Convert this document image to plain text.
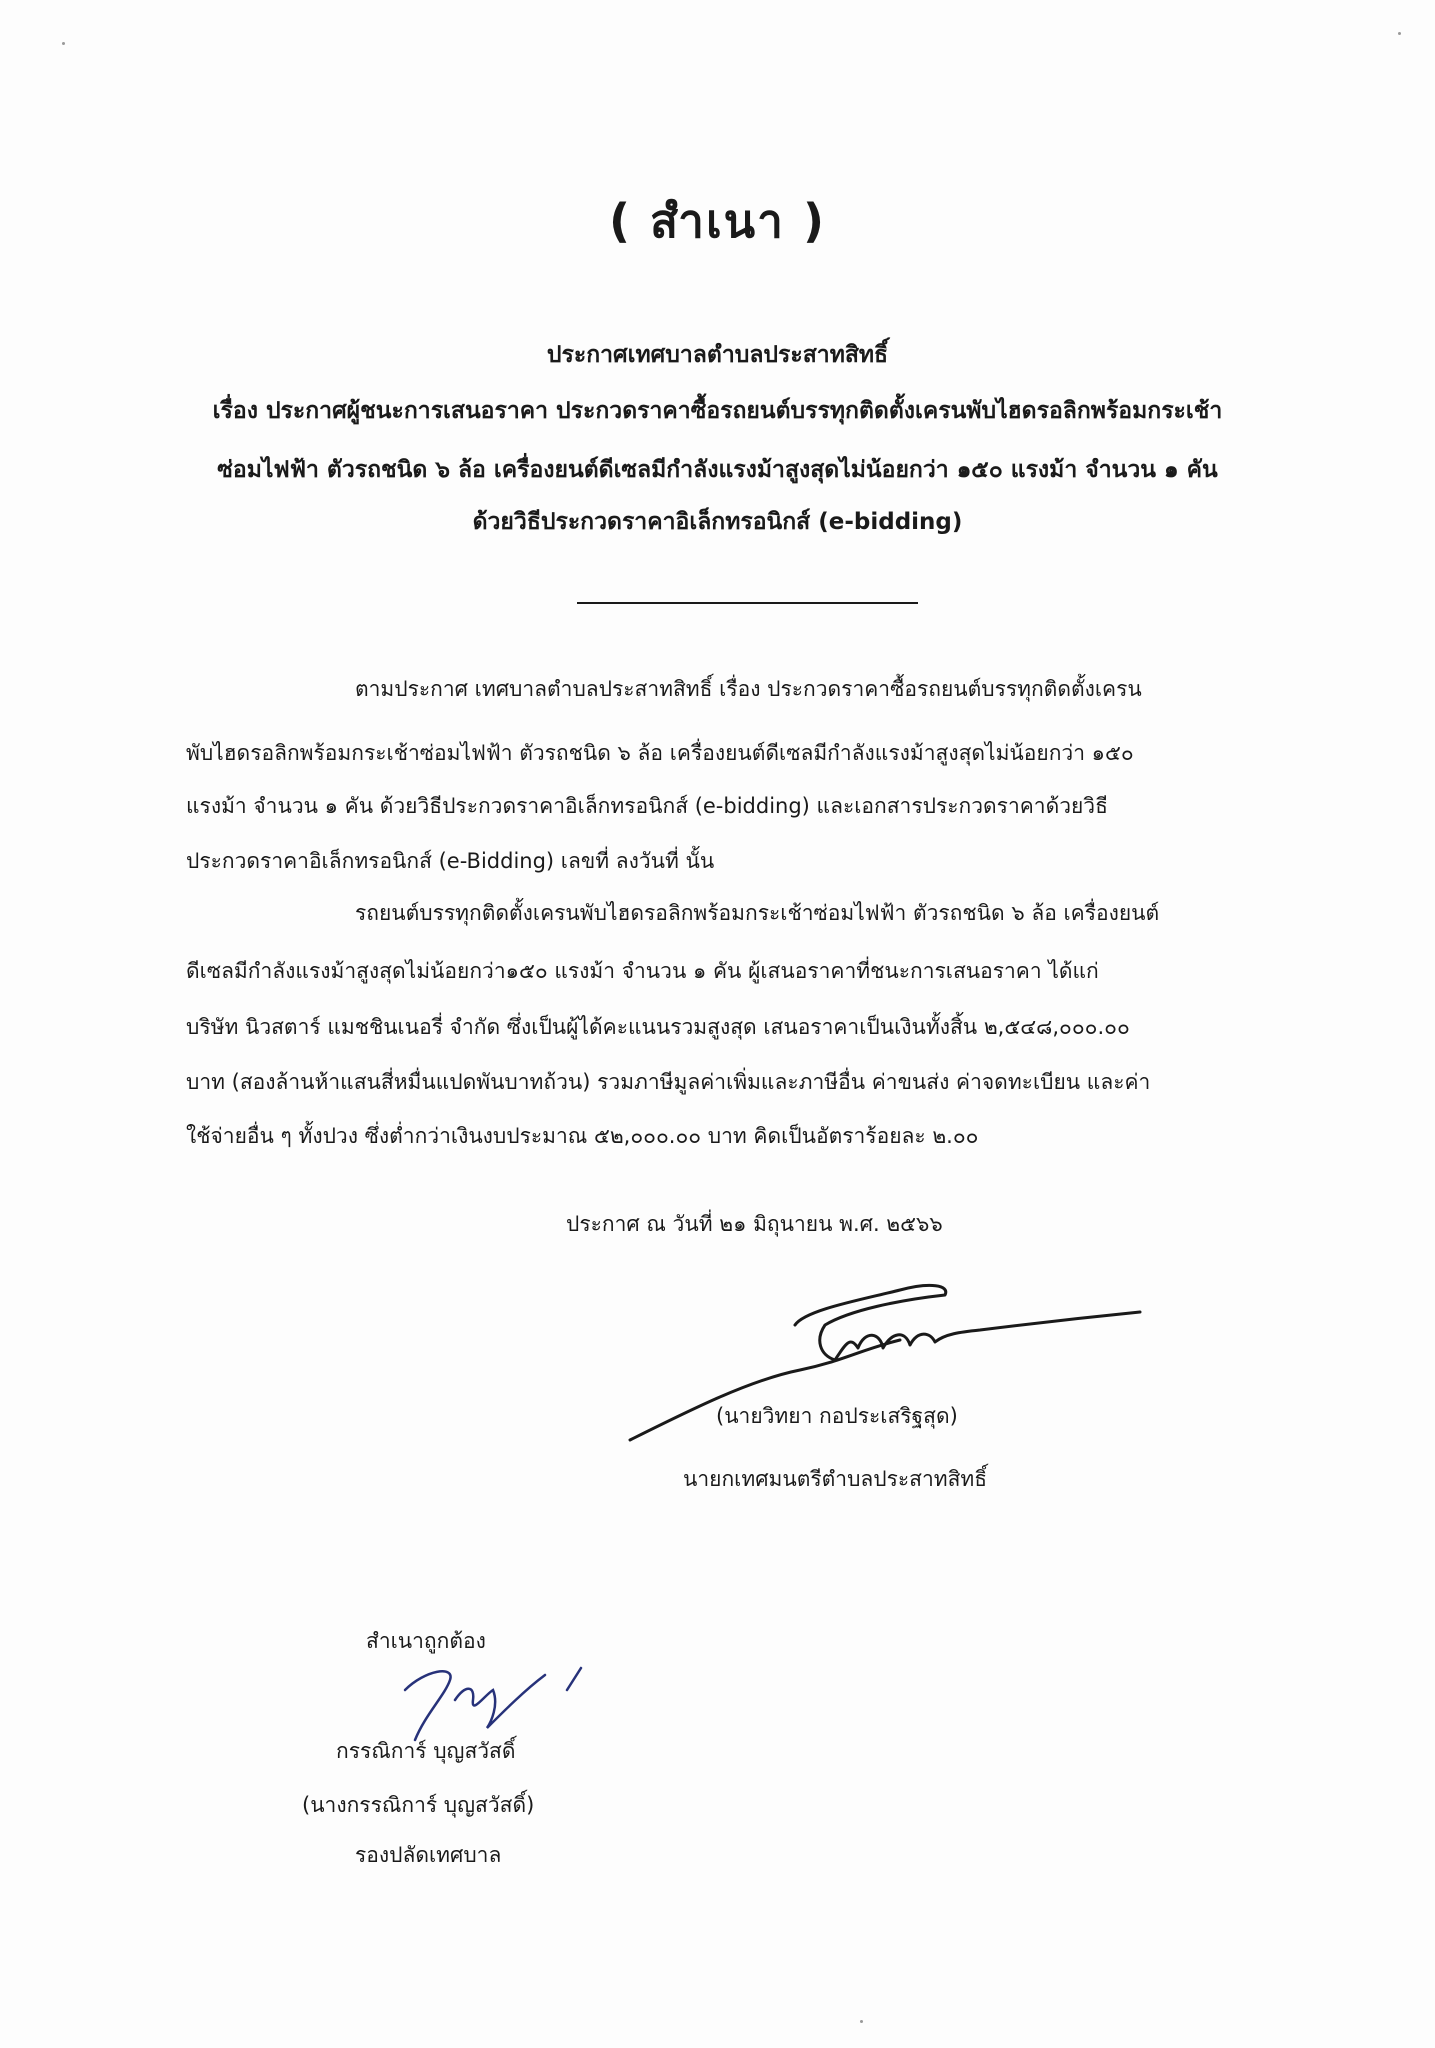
( สำเนา )
ประกาศเทศบาลตำบลประสาทสิทธิ์
เรื่อง ประกาศผู้ชนะการเสนอราคา ประกวดราคาซื้อรถยนต์บรรทุกติดตั้งเครนพับไฮดรอลิกพร้อมกระเช้า
ซ่อมไฟฟ้า ตัวรถชนิด ๖ ล้อ เครื่องยนต์ดีเซลมีกำลังแรงม้าสูงสุดไม่น้อยกว่า ๑๕๐ แรงม้า จำนวน ๑ คัน
ด้วยวิธีประกวดราคาอิเล็กทรอนิกส์ (e-bidding)
ตามประกาศ เทศบาลตำบลประสาทสิทธิ์ เรื่อง ประกวดราคาซื้อรถยนต์บรรทุกติดตั้งเครน
พับไฮดรอลิกพร้อมกระเช้าซ่อมไฟฟ้า ตัวรถชนิด ๖ ล้อ เครื่องยนต์ดีเซลมีกำลังแรงม้าสูงสุดไม่น้อยกว่า ๑๕๐
แรงม้า จำนวน ๑ คัน ด้วยวิธีประกวดราคาอิเล็กทรอนิกส์ (e-bidding) และเอกสารประกวดราคาด้วยวิธี
ประกวดราคาอิเล็กทรอนิกส์ (e-Bidding) เลขที่ ลงวันที่ นั้น
รถยนต์บรรทุกติดตั้งเครนพับไฮดรอลิกพร้อมกระเช้าซ่อมไฟฟ้า ตัวรถชนิด ๖ ล้อ เครื่องยนต์
ดีเซลมีกำลังแรงม้าสูงสุดไม่น้อยกว่า๑๕๐ แรงม้า จำนวน ๑ คัน ผู้เสนอราคาที่ชนะการเสนอราคา ได้แก่
บริษัท นิวสตาร์ แมชชินเนอรี่ จำกัด ซึ่งเป็นผู้ได้คะแนนรวมสูงสุด เสนอราคาเป็นเงินทั้งสิ้น ๒,๕๔๘,๐๐๐.๐๐
บาท (สองล้านห้าแสนสี่หมื่นแปดพันบาทถ้วน) รวมภาษีมูลค่าเพิ่มและภาษีอื่น ค่าขนส่ง ค่าจดทะเบียน และค่า
ใช้จ่ายอื่น ๆ ทั้งปวง ซึ่งต่ำกว่าเงินงบประมาณ ๕๒,๐๐๐.๐๐ บาท คิดเป็นอัตราร้อยละ ๒.๐๐
ประกาศ ณ วันที่ ๒๑ มิถุนายน พ.ศ. ๒๕๖๖
(นายวิทยา กอประเสริฐสุด)
นายกเทศมนตรีตำบลประสาทสิทธิ์
สำเนาถูกต้อง
กรรณิการ์ บุญสวัสดิ์
(นางกรรณิการ์ บุญสวัสดิ์)
รองปลัดเทศบาล
